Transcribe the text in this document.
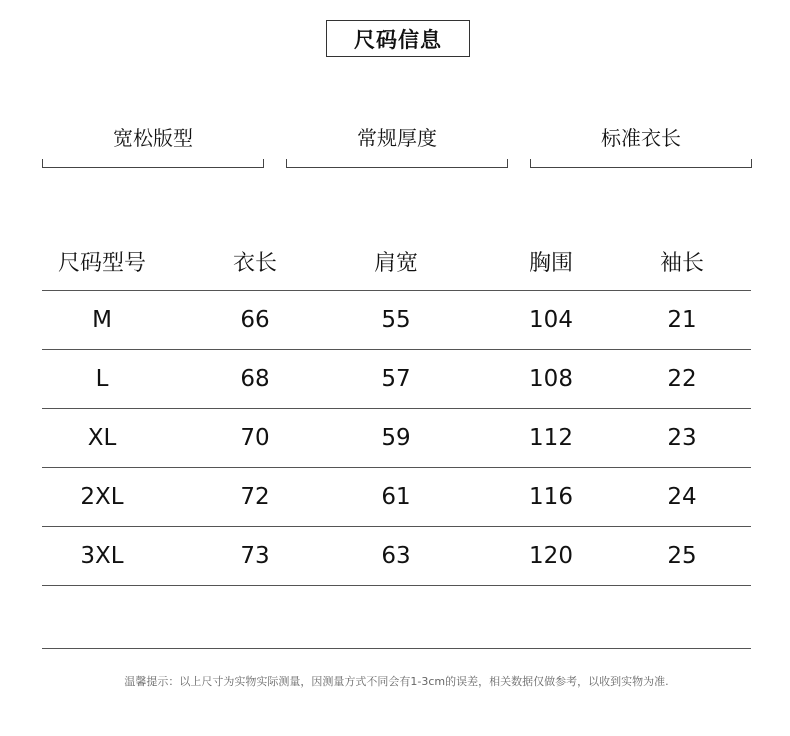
尺码信息
宽松版型	常规厚度	标准衣长
尺码型号	衣长	肩宽	胸围	袖长
M	66	55	104	21
L	68	57	108	22
XL	70	59	112	23
2XL	72	61	116	24
3XL	73	63	120	25
温馨提示：以上尺寸为实物实际测量，因测量方式不同会有1-3cm的误差，相关数据仅做参考，以收到实物为准.
